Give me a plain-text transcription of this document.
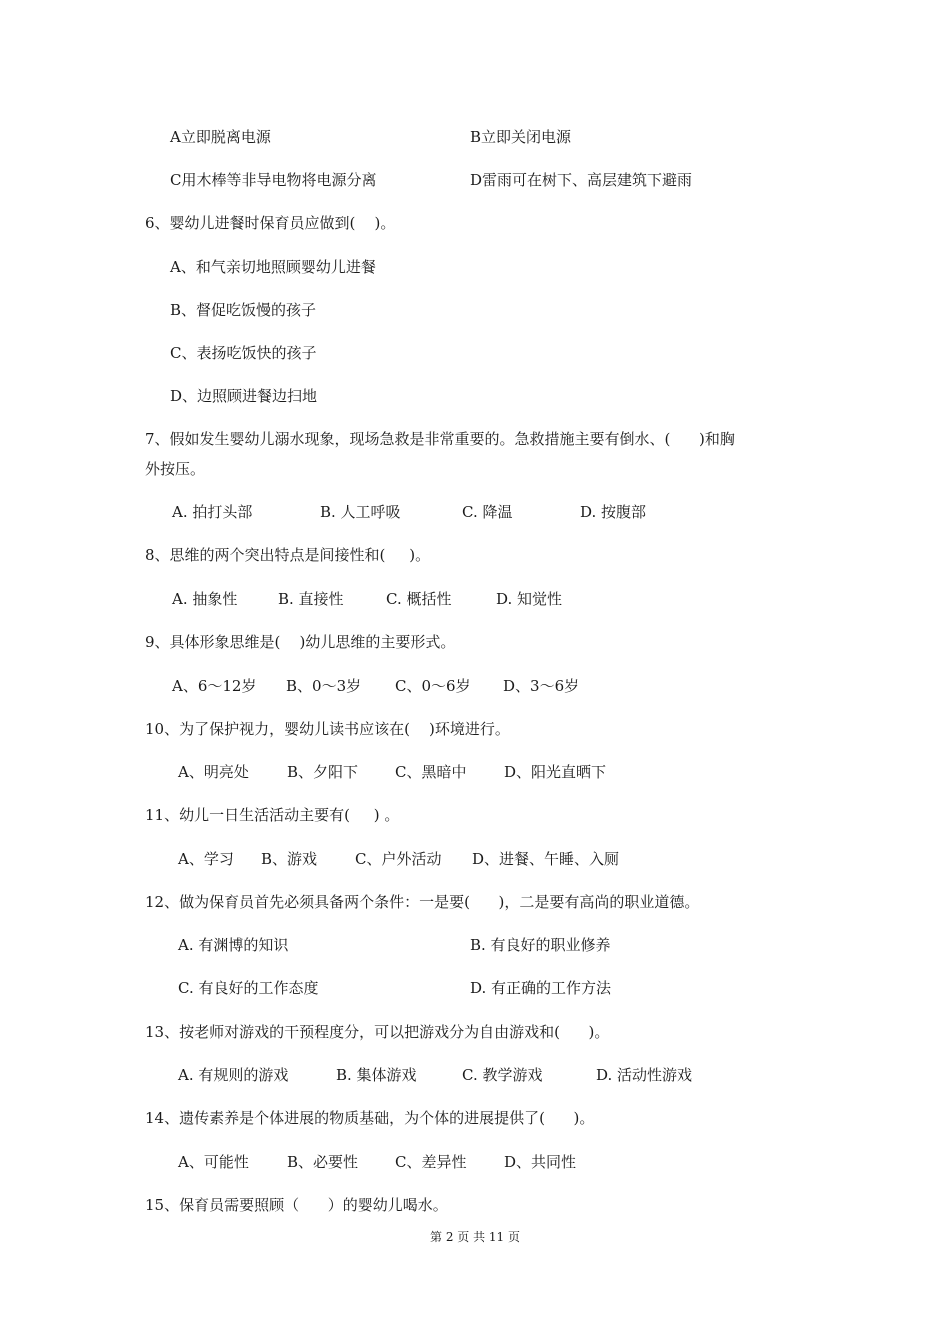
A立即脱离电源	B立即关闭电源
C用木棒等非导电物将电源分离	D雷雨可在树下、高层建筑下避雨
6、婴幼儿进餐时保育员应做到(    )。
A、和气亲切地照顾婴幼儿进餐
B、督促吃饭慢的孩子
C、表扬吃饭快的孩子
D、边照顾进餐边扫地
7、假如发生婴幼儿溺水现象，现场急救是非常重要的。急救措施主要有倒水、(      )和胸
外按压。
A. 拍打头部	B. 人工呼吸	C. 降温	D. 按腹部
8、思维的两个突出特点是间接性和(     )。
A. 抽象性	B. 直接性	C. 概括性	D. 知觉性
9、具体形象思维是(    )幼儿思维的主要形式。
A、6～12岁 B、0～3岁 C、0～6岁 D、3～6岁
10、为了保护视力，婴幼儿读书应该在(    )环境进行。
A、明亮处	B、夕阳下 C、黑暗中	D、阳光直晒下
11、幼儿一日生活活动主要有(     ) 。
A、学习 B、游戏	C、户外活动 D、进餐、午睡、入厕
12、做为保育员首先必须具备两个条件：一是要(      )，二是要有高尚的职业道德。
A. 有渊博的知识	B. 有良好的职业修养
C. 有良好的工作态度	D. 有正确的工作方法
13、按老师对游戏的干预程度分，可以把游戏分为自由游戏和(      )。
A. 有规则的游戏	B. 集体游戏	C. 教学游戏	D. 活动性游戏
14、遗传素养是个体进展的物质基础，为个体的进展提供了(      )。
A、可能性	B、必要性 C、差异性	D、共同性
15、保育员需要照顾（      ）的婴幼儿喝水。
第 2 页 共 11 页
